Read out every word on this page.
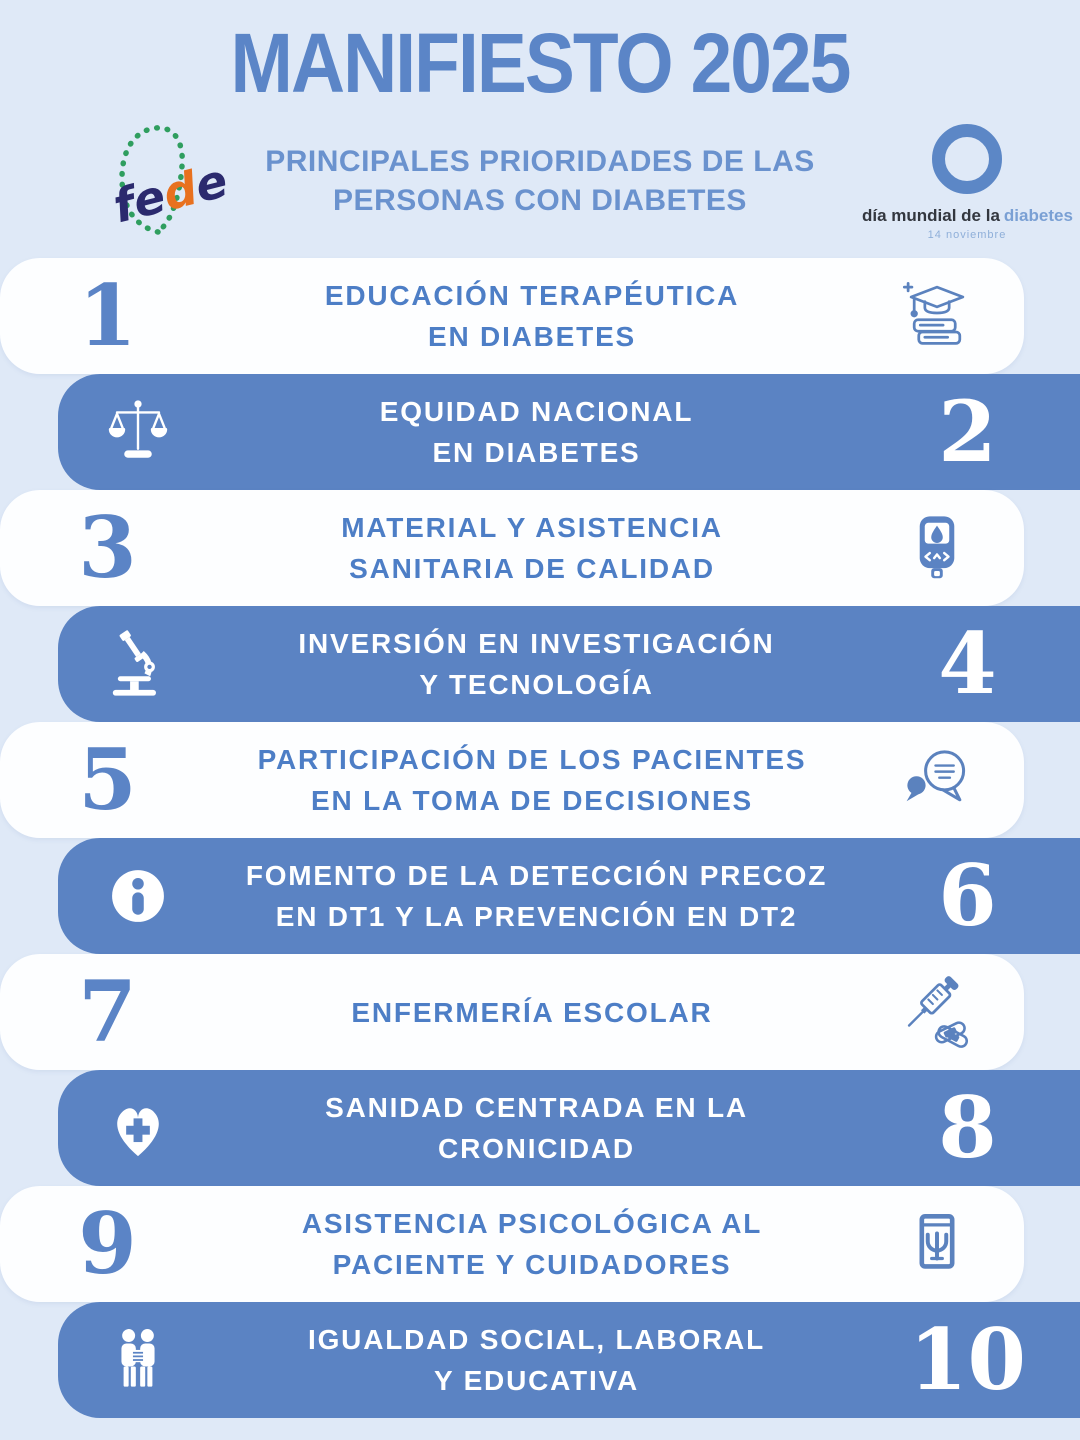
MANIFIESTO 2025
fede	PRINCIPALES PRIORIDADES DE LAS
PERSONAS CON DIABETES	día mundial de la diabetes
14 noviembre
1	EDUCACIÓN TERAPÉUTICA
EN DIABETES
EQUIDAD NACIONAL
EN DIABETES	2
3	MATERIAL Y ASISTENCIA
SANITARIA DE CALIDAD
INVERSIÓN EN INVESTIGACIÓN
Y TECNOLOGÍA	4
5	PARTICIPACIÓN DE LOS PACIENTES
EN LA TOMA DE DECISIONES
FOMENTO DE LA DETECCIÓN PRECOZ
EN DT1 Y LA PREVENCIÓN EN DT2 6
7	ENFERMERÍA ESCOLAR
SANIDAD CENTRADA EN LA
CRONICIDAD	8
9	ASISTENCIA PSICOLÓGICA AL
PACIENTE Y CUIDADORES
IGUALDAD SOCIAL, LABORAL
Y EDUCATIVA	10
